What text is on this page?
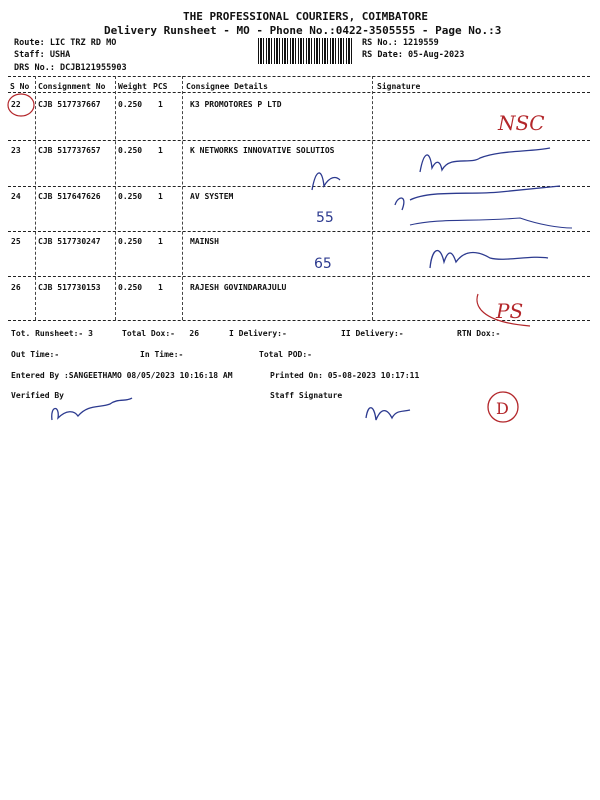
THE PROFESSIONAL COURIERS, COIMBATORE
Delivery Runsheet - MO - Phone No.:0422-3505555 - Page No.:3
Route: LIC TRZ RD MO
Staff: USHA
DRS No.: DCJB121955903
RS No.: 1219559
RS Date: 05-Aug-2023
S No Consignment No Weight PCS Consignee Details	Signature
22 CJB 517737667 0.250 1	K3 PROMOTORES P LTD
23 CJB 517737657 0.250 1	K NETWORKS INNOVATIVE SOLUTIOS
24 CJB 517647626 0.250 1	AV SYSTEM
25 CJB 517730247 0.250 1	MAINSH
26 CJB 517730153 0.250 1	RAJESH GOVINDARAJULU
Tot. Runsheet:- 3	Total Dox:-   26	I Delivery:-	II Delivery:-	RTN Dox:-
Out Time:-	In Time:-	Total POD:-
Entered By :SANGEETHAMO 08/05/2023 10:16:18 AM	Printed On: 05-08-2023 10:17:11
Verified By	Staff Signature
NSC
55
65
PS
D
